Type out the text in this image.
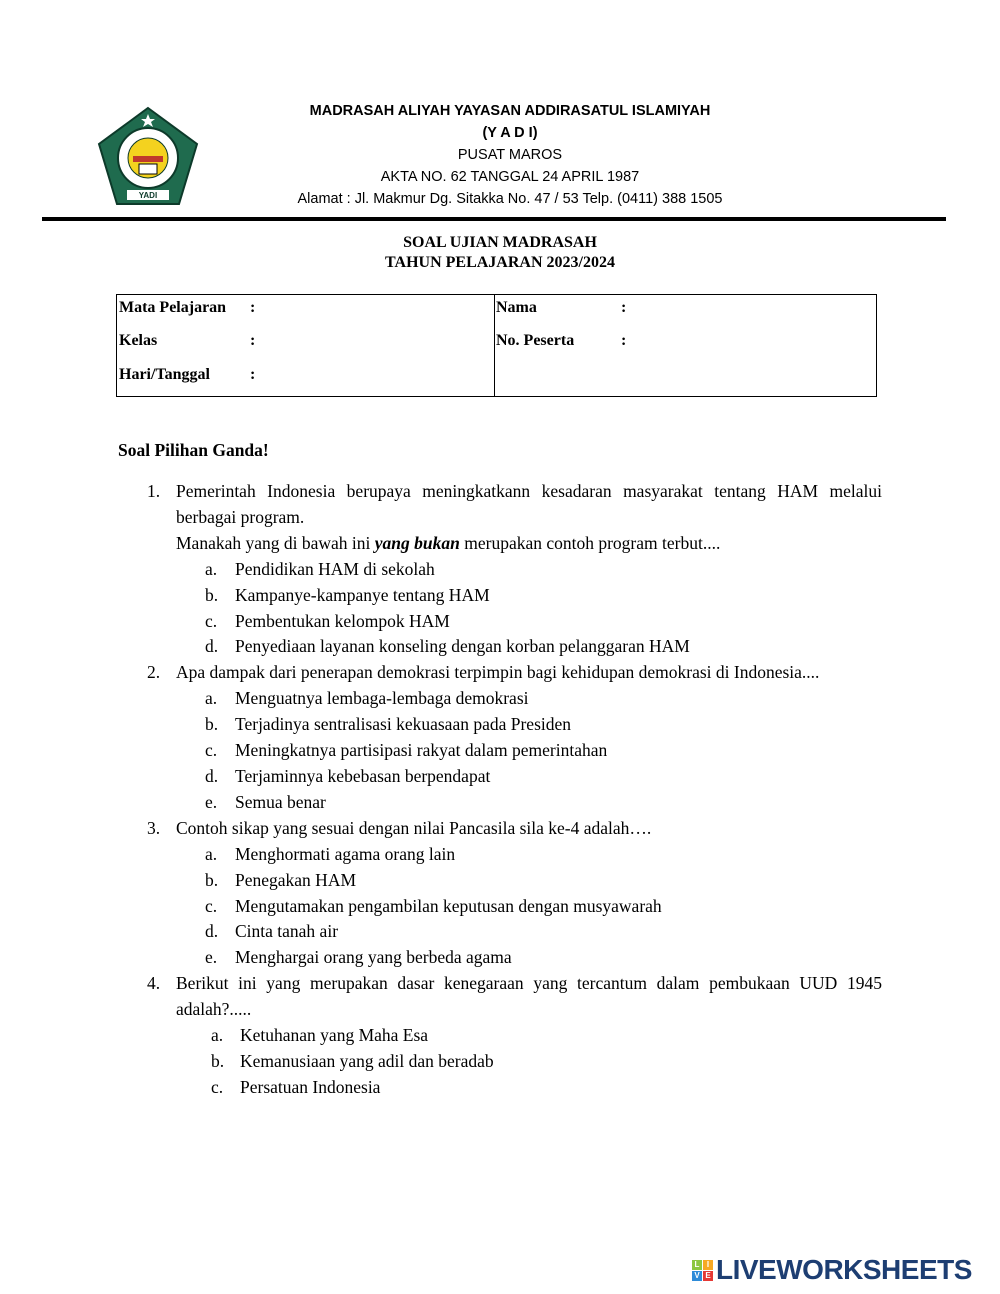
YADI
MADRASAH ALIYAH YAYASAN ADDIRASATUL ISLAMIYAH
(Y A D I)
PUSAT MAROS
AKTA NO. 62 TANGGAL 24 APRIL 1987
Alamat : Jl. Makmur Dg. Sitakka No. 47 / 53 Telp. (0411) 388 1505
SOAL UJIAN MADRASAH
TAHUN PELAJARAN 2023/2024
Mata Pelajaran :
Kelas	:
Hari/Tanggal	:
Nama	:
No. Peserta	:
Soal Pilihan Ganda!
1. Pemerintah Indonesia berupaya meningkatkann kesadaran masyarakat tentang HAM melalui berbagai program.
Manakah yang di bawah ini yang bukan merupakan contoh program terbut....
a. Pendidikan HAM di sekolah
b. Kampanye-kampanye tentang HAM
c. Pembentukan kelompok HAM
d. Penyediaan layanan konseling dengan korban pelanggaran HAM
2. Apa dampak dari penerapan demokrasi terpimpin bagi kehidupan demokrasi di Indonesia....
a. Menguatnya lembaga-lembaga demokrasi
b. Terjadinya sentralisasi kekuasaan pada Presiden
c. Meningkatnya partisipasi rakyat dalam pemerintahan
d. Terjaminnya kebebasan berpendapat
e. Semua benar
3. Contoh sikap yang sesuai dengan nilai Pancasila sila ke-4 adalah….
a. Menghormati agama orang lain
b. Penegakan HAM
c. Mengutamakan pengambilan keputusan dengan musyawarah
d. Cinta tanah air
e. Menghargai orang yang berbeda agama
4. Berikut ini yang merupakan dasar kenegaraan yang tercantum dalam pembukaan UUD 1945 adalah?.....
a. Ketuhanan yang Maha Esa
b. Kemanusiaan yang adil dan beradab
c. Persatuan Indonesia
L I
V E LIVEWORKSHEETS
